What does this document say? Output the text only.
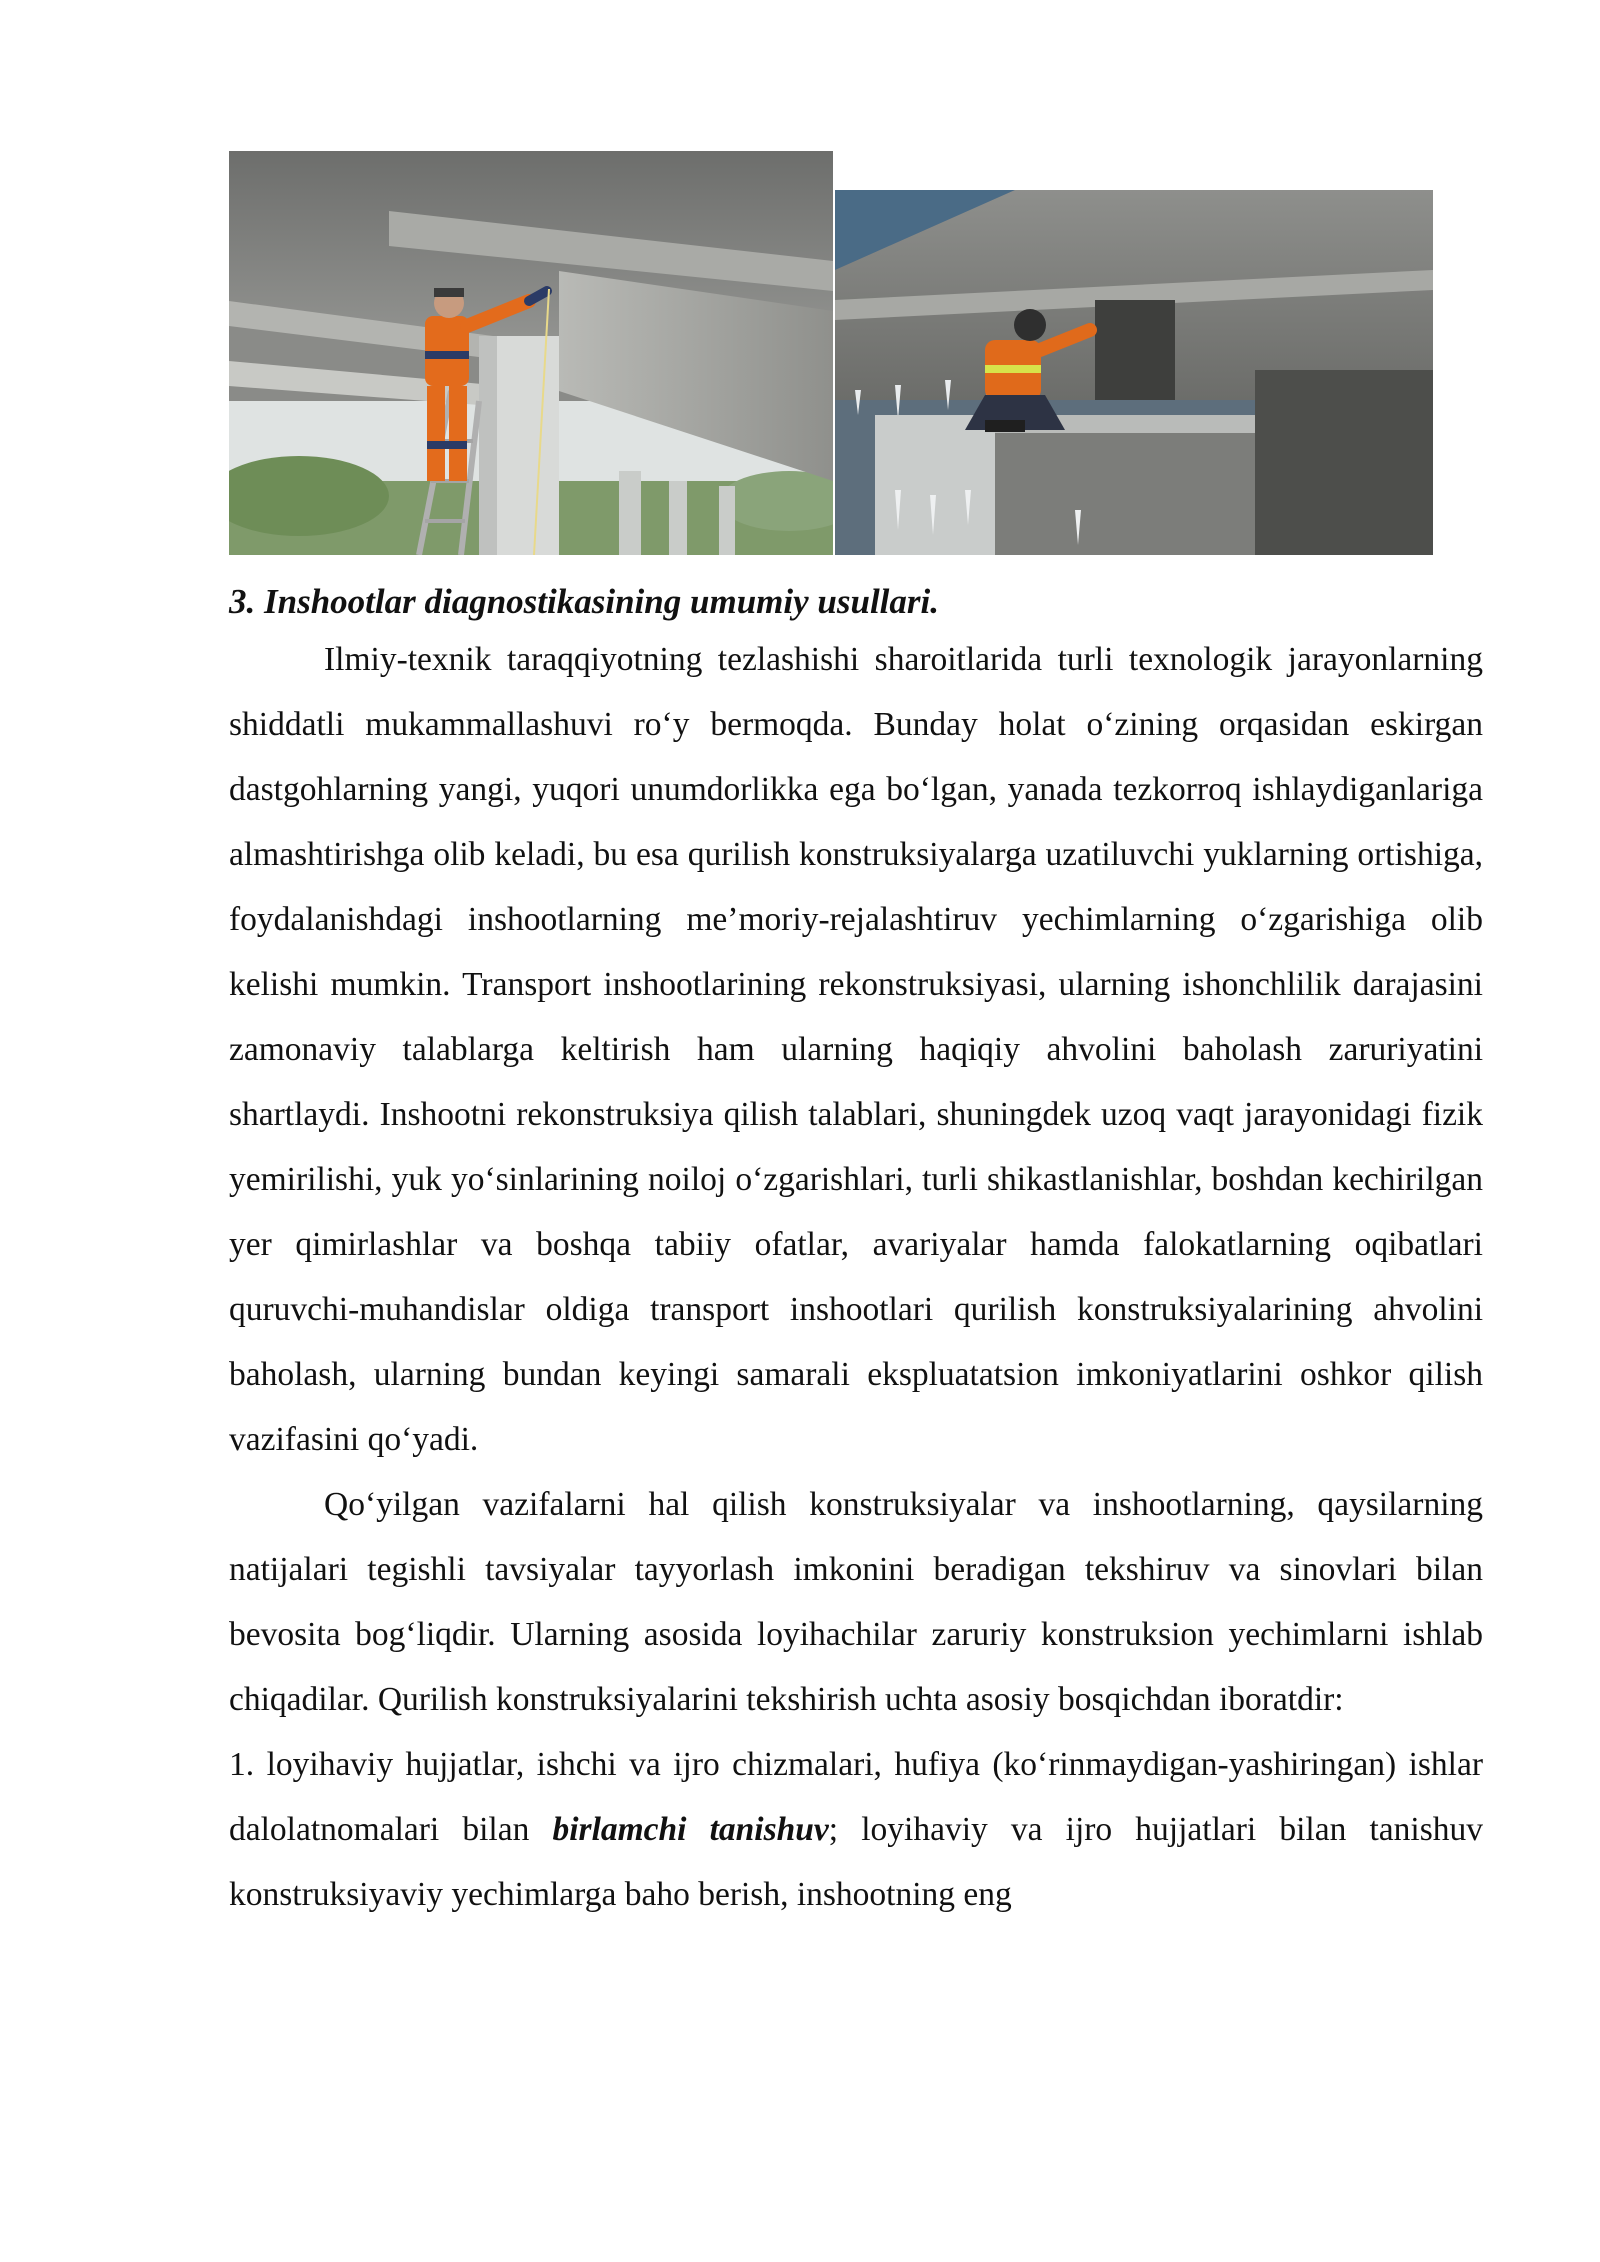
3. Inshootlar diagnostikasining umumiy usullari.

Ilmiy-texnik taraqqiyotning tezlashishi sharoitlarida turli texnologik jarayonlarning shiddatli mukammallashuvi ro‘y bermoqda. Bunday holat o‘zining orqasidan eskirgan dastgohlarning yangi, yuqori unumdorlikka ega bo‘lgan, yanada tezkorroq ishlaydiganlariga almashtirishga olib keladi, bu esa qurilish konstruksiyalarga uzatiluvchi yuklarning ortishiga, foydalanishdagi inshootlarning me’moriy-rejalashtiruv yechimlarning o‘zgarishiga olib kelishi mumkin. Transport inshootlarining rekonstruksiyasi, ularning ishonchlilik darajasini zamonaviy talablarga keltirish ham ularning haqiqiy ahvolini baholash zaruriyatini shartlaydi. Inshootni rekonstruksiya qilish talablari, shuningdek uzoq vaqt jarayonidagi fizik yemirilishi, yuk yo‘sinlarining noiloj o‘zgarishlari, turli shikastlanishlar, boshdan kechirilgan yer qimirlashlar va boshqa tabiiy ofatlar, avariyalar hamda falokatlarning oqibatlari quruvchi-muhandislar oldiga transport inshootlari qurilish konstruksiyalarining ahvolini baholash, ularning bundan keyingi samarali ekspluatatsion imkoniyatlarini oshkor qilish vazifasini qo‘yadi.

Qo‘yilgan vazifalarni hal qilish konstruksiyalar va inshootlarning, qaysilarning natijalari tegishli tavsiyalar tayyorlash imkonini beradigan tekshiruv va sinovlari bilan bevosita bog‘liqdir. Ularning asosida loyihachilar zaruriy konstruksion yechimlarni ishlab chiqadilar. Qurilish konstruksiyalarini tekshirish uchta asosiy bosqichdan iboratdir:

1. loyihaviy hujjatlar, ishchi va ijro chizmalari, hufiya (ko‘rinmaydigan-yashiringan) ishlar dalolatnomalari bilan birlamchi tanishuv; loyihaviy va ijro hujjatlari bilan tanishuv konstruksiyaviy yechimlarga baho berish, inshootning eng
